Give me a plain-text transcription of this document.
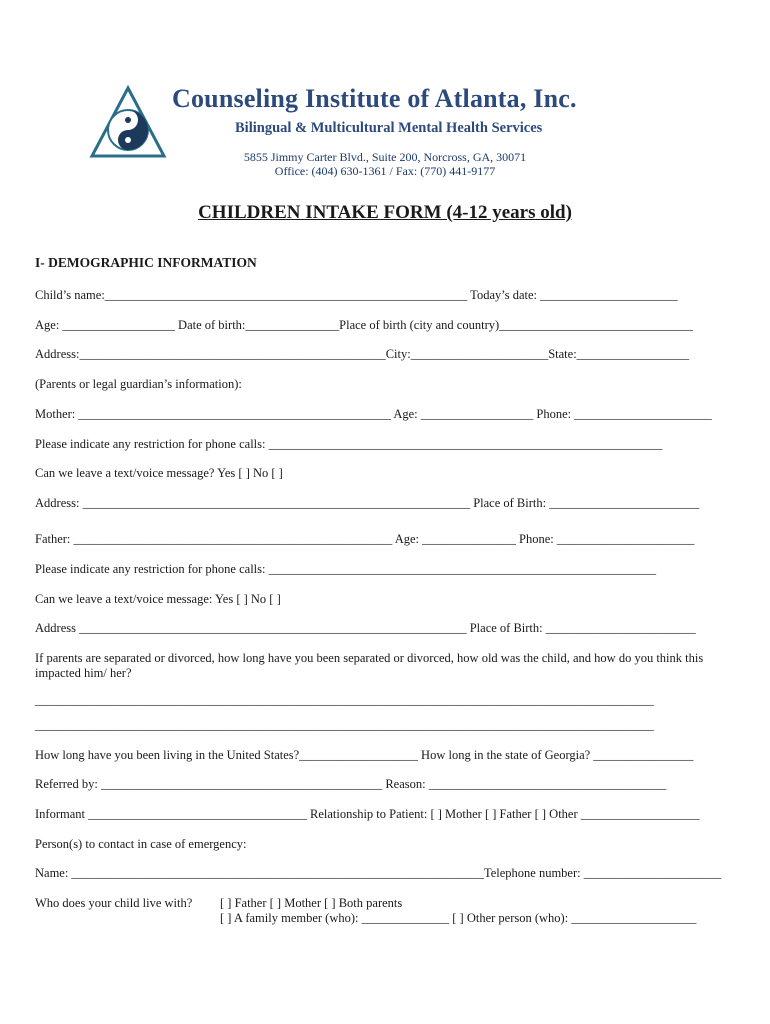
Counseling Institute of Atlanta, Inc.
Bilingual & Multicultural Mental Health Services
5855 Jimmy Carter Blvd., Suite 200, Norcross, GA, 30071
Office: (404) 630-1361 / Fax: (770) 441-9177
CHILDREN INTAKE FORM (4-12 years old)
I- DEMOGRAPHIC INFORMATION
Child’s name:__________________________________________________________ Today’s date: ______________________
Age: __________________ Date of birth:_______________Place of birth (city and country)_______________________________
Address:_________________________________________________City:______________________State:__________________
(Parents or legal guardian’s information):
Mother: __________________________________________________ Age: __________________ Phone: ______________________
Please indicate any restriction for phone calls: _______________________________________________________________
Can we leave a text/voice message? Yes [ ] No [ ]
Address: ______________________________________________________________ Place of Birth: ________________________
Father: ___________________________________________________ Age: _______________ Phone: ______________________
Please indicate any restriction for phone calls: ______________________________________________________________
Can we leave a text/voice message: Yes [ ] No [ ]
Address ______________________________________________________________ Place of Birth: ________________________
If parents are separated or divorced, how long have you been separated or divorced, how old was the child, and how do you think this impacted him/ her?
___________________________________________________________________________________________________
___________________________________________________________________________________________________
How long have you been living in the United States?___________________ How long in the state of Georgia? ________________
Referred by: _____________________________________________ Reason: ______________________________________
Informant ___________________________________ Relationship to Patient: [ ] Mother [ ] Father [ ] Other ___________________
Person(s) to contact in case of emergency:
Name: __________________________________________________________________Telephone number: ______________________
Who does your child live with? [ ] Father [ ] Mother [ ] Both parents
[ ] A family member (who): ______________ [ ] Other person (who): ____________________
